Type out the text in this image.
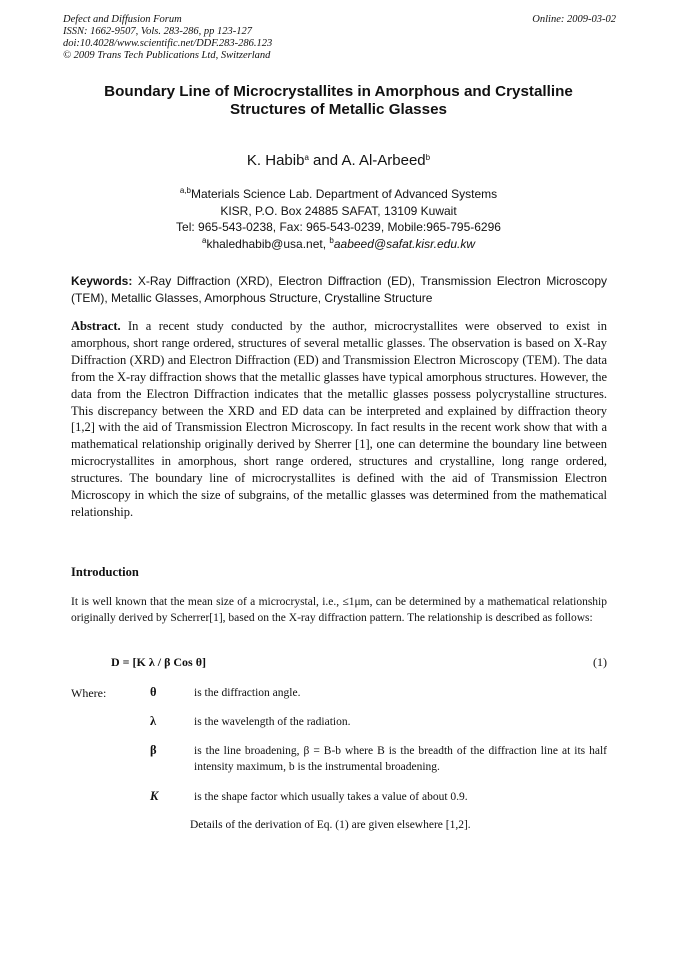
Defect and Diffusion Forum
ISSN: 1662-9507, Vols. 283-286, pp 123-127
doi:10.4028/www.scientific.net/DDF.283-286.123
© 2009 Trans Tech Publications Ltd, Switzerland
Online: 2009-03-02
Boundary Line of Microcrystallites in Amorphous and Crystalline
Structures of Metallic Glasses
K. Habib$^a$ and A. Al-Arbeed$^b$
$^{a,b}$Materials Science Lab. Department of Advanced Systems
KISR, P.O. Box 24885 SAFAT, 13109 Kuwait
Tel: 965-543-0238, Fax: 965-543-0239, Mobile:965-795-6296
$^a$khaledhabib@usa.net, $^b$aabeed@safat.kisr.edu.kw
Keywords: X-Ray Diffraction (XRD), Electron Diffraction (ED), Transmission Electron Microscopy (TEM), Metallic Glasses, Amorphous Structure, Crystalline Structure
Abstract. In a recent study conducted by the author, microcrystallites were observed to exist in amorphous, short range ordered, structures of several metallic glasses. The observation is based on X-Ray Diffraction (XRD) and Electron Diffraction (ED) and Transmission Electron Microscopy (TEM). The data from the X-ray diffraction shows that the metallic glasses have typical amorphous structures. However, the data from the Electron Diffraction indicates that the metallic glasses possess polycrystalline structures. This discrepancy between the XRD and ED data can be interpreted and explained by diffraction theory [1,2] with the aid of Transmission Electron Microscopy. In fact results in the recent work show that with a mathematical relationship originally derived by Sherrer [1], one can determine the boundary line between microcrystallites in amorphous, short range ordered, structures and crystalline, long range ordered, structures. The boundary line of microcrystallites is defined with the aid of Transmission Electron Microscopy in which the size of subgrains, of the metallic glasses was determined from the mathematical relationship.
Introduction
It is well known that the mean size of a microcrystal, i.e., ≤1μm, can be determined by a mathematical relationship originally derived by Scherrer[1], based on the X-ray diffraction pattern. The relationship is described as follows:
D = [K λ / β Cos θ]	(1)
Where:	θ	is the diffraction angle.
λ	is the wavelength of the radiation.
β	is the line broadening, β = B-b where B is the breadth of the diffraction line at its half intensity maximum, b is the instrumental broadening.
K	is the shape factor which usually takes a value of about 0.9.
Details of the derivation of Eq. (1) are given elsewhere [1,2].
